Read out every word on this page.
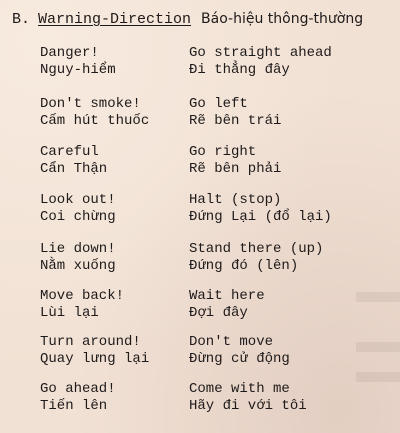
B. Warning-Direction Báo-hiệu thông-thường
Danger!
Nguy-hiểm
Go straight ahead
Đi thẳng đây
Don't smoke!
Cấm hút thuốc
Go left
Rẽ bên trái
Careful
Cẩn Thận
Go right
Rẽ bên phải
Look out!
Coi chừng
Halt (stop)
Đứng Lại (đổ lại)
Lie down!
Nằm xuống
Stand there (up)
Đứng đó (lên)
Move back!
Lùi lại
Wait here
Đợi đây
Turn around!
Quay lưng lại
Don't move
Đừng cử động
Go ahead!
Tiến lên
Come with me
Hãy đi với tôi
